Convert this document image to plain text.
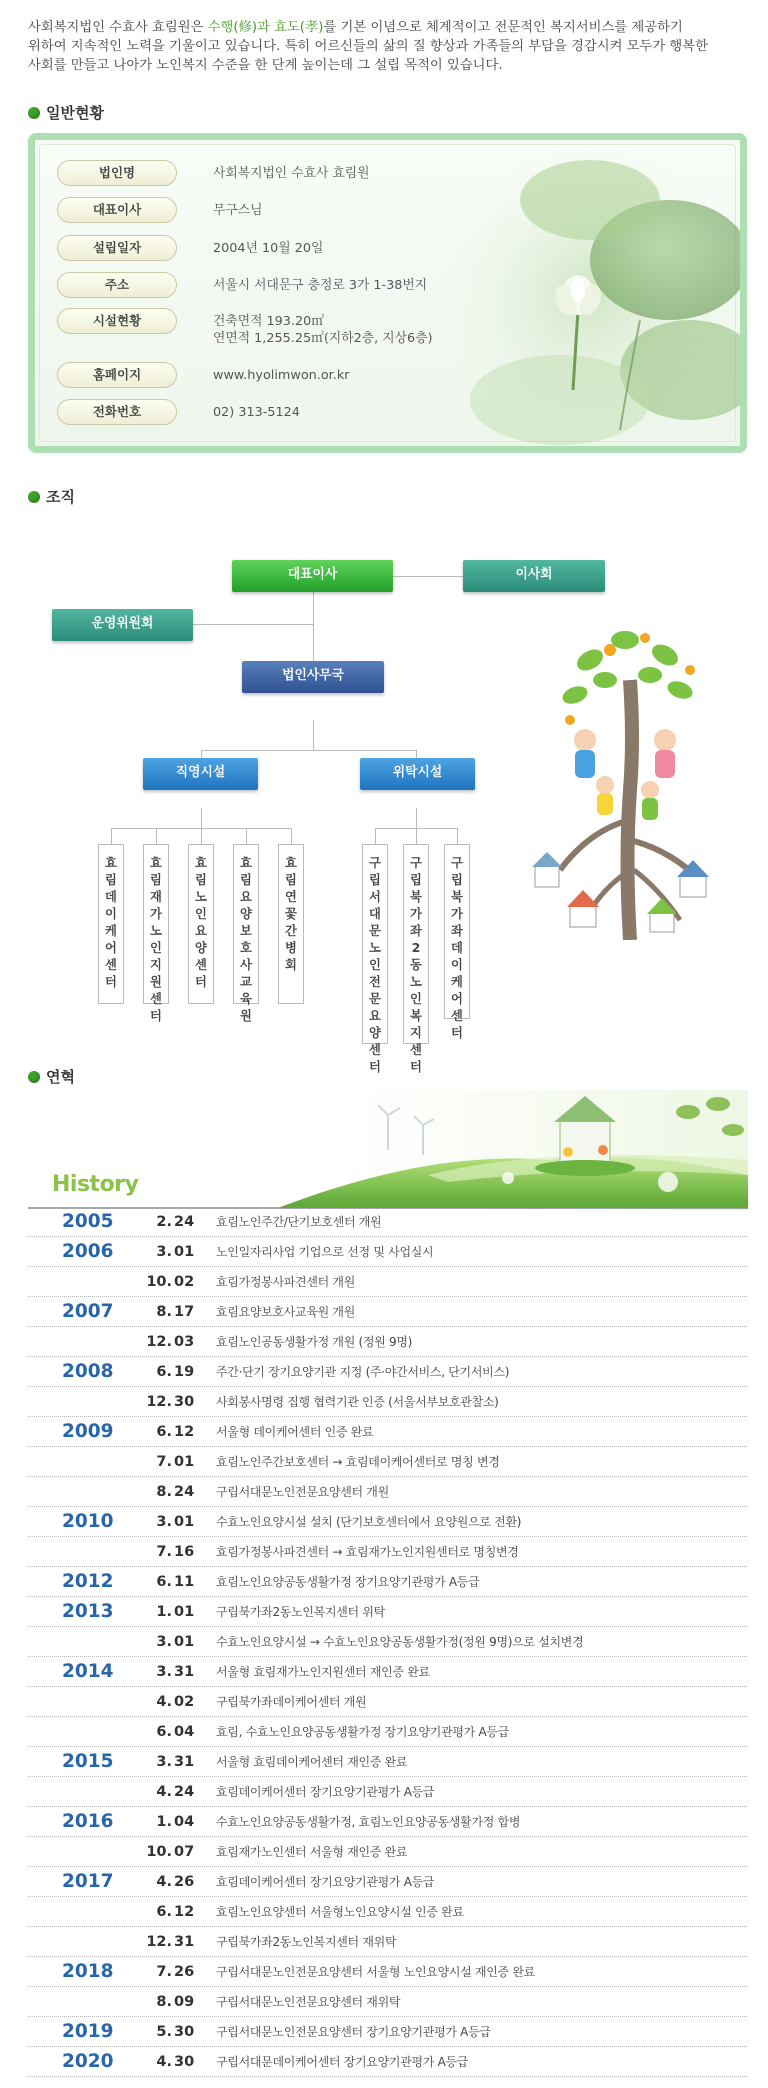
사회복지법인 수효사 효림원은 수행(修)과 효도(孝)를 기본 이념으로 체계적이고 전문적인 복지서비스를 제공하기
위하여 지속적인 노력을 기울이고 있습니다. 특히 어르신들의 삶의 질 향상과 가족들의 부담을 경감시켜 모두가 행복한
사회를 만들고 나아가 노인복지 수준을 한 단계 높이는데 그 설립 목적이 있습니다.
일반현황
법인명	사회복지법인 수효사 효림원
대표이사	무구스님
설립일자	2004년 10월 20일
주소	서울시 서대문구 충정로 3가 1-38번지
시설현황	건축면적 193.20㎡
연면적 1,255.25㎡(지하2층, 지상6층)
홈페이지	www.hyolimwon.or.kr
전화번호	02) 313-5124
조직
대표이사	이사회
운영위원회
법인사무국
직영시설	위탁시설
효
림
데
이
케
어
센
터
효
림
재
가
노
인
지
원
센
터
효
림
노
인
요
양
센
터
효
림
요
양
보
호
사
교
육
원
효
림
연
꽃
간
병
회
구
립
서
대
문
노
인
전
문
요
양
센
터
구
립
북
가
좌
2
동
노
인
복
지
센
터
구
립
북
가
좌
데
이
케
어
센
터
연혁
History
2005	2. 24	효림노인주간/단기보호센터 개원
2006	3. 01	노인일자리사업 기업으로 선정 및 사업실시
10. 02	효림가정봉사파견센터 개원
2007	8. 17	효림요양보호사교육원 개원
12. 03	효림노인공동생활가정 개원 (정원 9명)
2008	6. 19	주간·단기 장기요양기관 지정 (주·야간서비스, 단기서비스)
12. 30	사회봉사명령 집행 협력기관 인증 (서울서부보호관찰소)
2009	6. 12	서울형 데이케어센터 인증 완료
7. 01	효림노인주간보호센터 → 효림데이케어센터로 명칭 변경
8. 24	구립서대문노인전문요양센터 개원
2010	3. 01	수효노인요양시설 설치 (단기보호센터에서 요양원으로 전환)
7. 16	효림가정봉사파견센터 → 효림재가노인지원센터로 명칭변경
2012	6. 11	효림노인요양공동생활가정 장기요양기관평가 A등급
2013	1. 01	구립북가좌2동노인복지센터 위탁
3. 01	수효노인요양시설 → 수효노인요양공동생활가정(정원 9명)으로 설치변경
2014	3. 31	서울형 효림재가노인지원센터 재인증 완료
4. 02	구립북가좌데이케어센터 개원
6. 04	효림, 수효노인요양공동생활가정 장기요양기관평가 A등급
2015	3. 31	서울형 효림데이케어센터 재인증 완료
4. 24	효림데이케어센터 장기요양기관평가 A등급
2016	1. 04	수효노인요양공동생활가정, 효림노인요양공동생활가정 합병
10. 07	효림재가노인센터 서울형 재인증 완료
2017	4. 26	효림데이케어센터 장기요양기관평가 A등급
6. 12	효림노인요양센터 서울형노인요양시설 인증 완료
12. 31	구립북가좌2동노인복지센터 재위탁
2018	7. 26	구립서대문노인전문요양센터 서울형 노인요양시설 재인증 완료
8. 09	구립서대문노인전문요양센터 재위탁
2019	5. 30	구립서대문노인전문요양센터 장기요양기관평가 A등급
2020	4. 30	구립서대문데이케어센터 장기요양기관평가 A등급
